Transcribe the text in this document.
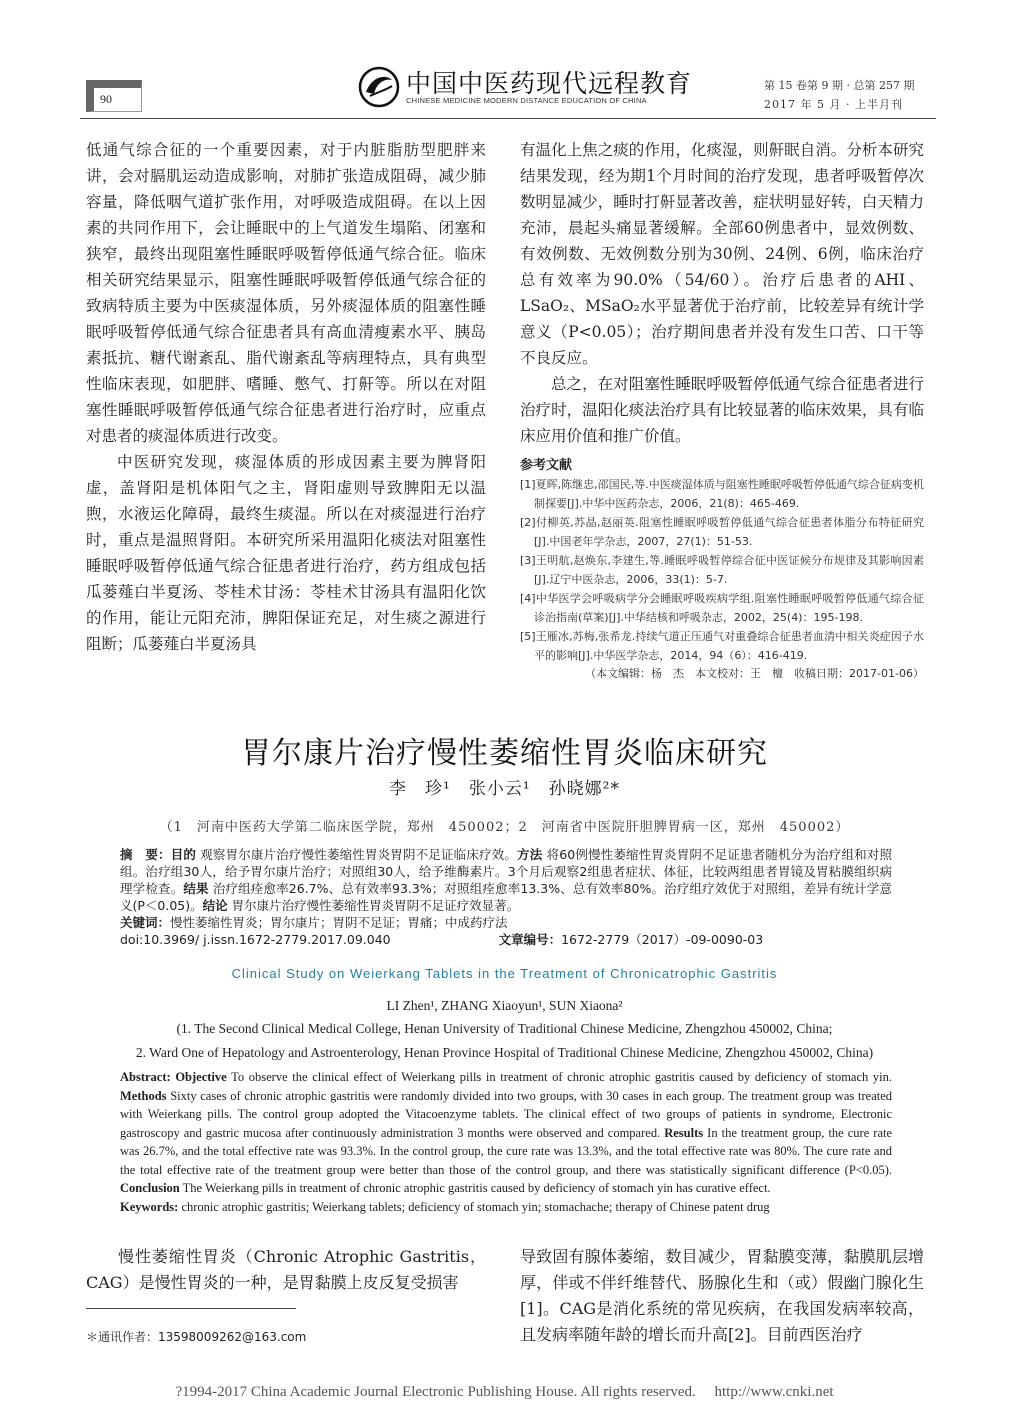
90
中国中医药现代远程教育
CHINESE MEDICINE MODERN DISTANCE EDUCATION OF CHINA
第 15 卷第 9 期 · 总第 257 期
2017 年 5 月 · 上半月刊

低通气综合征的一个重要因素，对于内脏脂肪型肥胖来讲，会对膈肌运动造成影响，对肺扩张造成阻碍，减少肺容量，降低咽气道扩张作用，对呼吸造成阻碍。在以上因素的共同作用下，会让睡眠中的上气道发生塌陷、闭塞和狭窄，最终出现阻塞性睡眠呼吸暂停低通气综合征。临床相关研究结果显示，阻塞性睡眠呼吸暂停低通气综合征的致病特质主要为中医痰湿体质，另外痰湿体质的阻塞性睡眠呼吸暂停低通气综合征患者具有高血清瘦素水平、胰岛素抵抗、糖代谢紊乱、脂代谢紊乱等病理特点，具有典型性临床表现，如肥胖、嗜睡、憋气、打鼾等。所以在对阻塞性睡眠呼吸暂停低通气综合征患者进行治疗时，应重点对患者的痰湿体质进行改变。

中医研究发现，痰湿体质的形成因素主要为脾肾阳虚，盖肾阳是机体阳气之主，肾阳虚则导致脾阳无以温煦，水液运化障碍，最终生痰湿。所以在对痰湿进行治疗时，重点是温照肾阳。本研究所采用温阳化痰法对阻塞性睡眠呼吸暂停低通气综合征患者进行治疗，药方组成包括瓜蒌薤白半夏汤、苓桂术甘汤：苓桂术甘汤具有温阳化饮的作用，能让元阳充沛，脾阳保证充足，对生痰之源进行阻断；瓜蒌薤白半夏汤具

有温化上焦之痰的作用，化痰湿，则鼾眠自消。分析本研究结果发现，经为期1个月时间的治疗发现，患者呼吸暂停次数明显减少，睡时打鼾显著改善，症状明显好转，白天精力充沛，晨起头痛显著缓解。全部60例患者中，显效例数、有效例数、无效例数分别为30例、24例、6例，临床治疗总有效率为90.0%（54/60）。治疗后患者的AHI、LSaO₂、MSaO₂水平显著优于治疗前，比较差异有统计学意义（P<0.05）；治疗期间患者并没有发生口苦、口干等不良反应。

总之，在对阻塞性睡眠呼吸暂停低通气综合征患者进行治疗时，温阳化痰法治疗具有比较显著的临床效果，具有临床应用价值和推广价值。

参考文献
[1]夏晖,陈继忠,邵国民,等.中医痰湿体质与阻塞性睡眠呼吸暂停低通气综合征病变机制探要[J].中华中医药杂志，2006，21(8)：465-469.
[2]付柳英,苏晶,赵丽英.阻塞性睡眠呼吸暂停低通气综合征患者体脂分布特征研究[J].中国老年学杂志，2007，27(1)：51-53.
[3]王明航,赵焕东,李建生,等.睡眠呼吸暂停综合征中医证候分布规律及其影响因素[J].辽宁中医杂志，2006，33(1)：5-7.
[4]中华医学会呼吸病学分会睡眠呼吸疾病学组.阻塞性睡眠呼吸暂停低通气综合征诊治指南(草案)[J].中华结核和呼吸杂志，2002，25(4)：195-198.
[5]王雁冰,苏梅,张希龙.持续气道正压通气对重叠综合征患者血清中相关炎症因子水平的影响[J].中华医学杂志，2014，94（6）：416-419.
（本文编辑：杨　杰　本文校对：王　檀　收稿日期：2017-01-06）
胃尔康片治疗慢性萎缩性胃炎临床研究
李　珍¹　张小云¹　孙晓娜²*
（1　河南中医药大学第二临床医学院，郑州　450002；2　河南省中医院肝胆脾胃病一区，郑州　450002）
摘　要：目的 观察胃尔康片治疗慢性萎缩性胃炎胃阴不足证临床疗效。方法 将60例慢性萎缩性胃炎胃阴不足证患者随机分为治疗组和对照组。治疗组30人，给予胃尔康片治疗；对照组30人，给予维酶素片。3个月后观察2组患者症状、体征，比较两组患者胃镜及胃粘膜组织病理学检查。结果 治疗组痊愈率26.7%、总有效率93.3%；对照组痊愈率13.3%、总有效率80%。治疗组疗效优于对照组，差异有统计学意义(P＜0.05)。结论 胃尔康片治疗慢性萎缩性胃炎胃阴不足证疗效显著。
关键词：慢性萎缩性胃炎；胃尔康片；胃阴不足证；胃痛；中成药疗法
doi:10.3969/ j.issn.1672-2779.2017.09.040	文章编号：1672-2779（2017）-09-0090-03
Clinical Study on Weierkang Tablets in the Treatment of Chronicatrophic Gastritis
LI Zhen¹, ZHANG Xiaoyun¹, SUN Xiaona²
(1. The Second Clinical Medical College, Henan University of Traditional Chinese Medicine, Zhengzhou 450002, China;
2. Ward One of Hepatology and Astroenterology, Henan Province Hospital of Traditional Chinese Medicine, Zhengzhou 450002, China)
Abstract: Objective To observe the clinical effect of Weierkang pills in treatment of chronic atrophic gastritis caused by deficiency of stomach yin. Methods Sixty cases of chronic atrophic gastritis were randomly divided into two groups, with 30 cases in each group. The treatment group was treated with Weierkang pills. The control group adopted the Vitacoenzyme tablets. The clinical effect of two groups of patients in syndrome, Electronic gastroscopy and gastric mucosa after continuously administration 3 months were observed and compared. Results In the treatment group, the cure rate was 26.7%, and the total effective rate was 93.3%. In the control group, the cure rate was 13.3%, and the total effective rate was 80%. The cure rate and the total effective rate of the treatment group were better than those of the control group, and there was statistically significant difference (P<0.05). Conclusion The Weierkang pills in treatment of chronic atrophic gastritis caused by deficiency of stomach yin has curative effect.
Keywords: chronic atrophic gastritis; Weierkang tablets; deficiency of stomach yin; stomachache; therapy of Chinese patent drug

慢性萎缩性胃炎（Chronic Atrophic Gastritis，CAG）是慢性胃炎的一种，是胃黏膜上皮反复受损害

导致固有腺体萎缩，数目减少，胃黏膜变薄，黏膜肌层增厚，伴或不伴纤维替代、肠腺化生和（或）假幽门腺化生[1]。CAG是消化系统的常见疾病，在我国发病率较高，且发病率随年龄的增长而升高[2]。目前西医治疗

＊通讯作者：13598009262@163.com
?1994-2017 China Academic Journal Electronic Publishing House. All rights reserved.　 http://www.cnki.net
